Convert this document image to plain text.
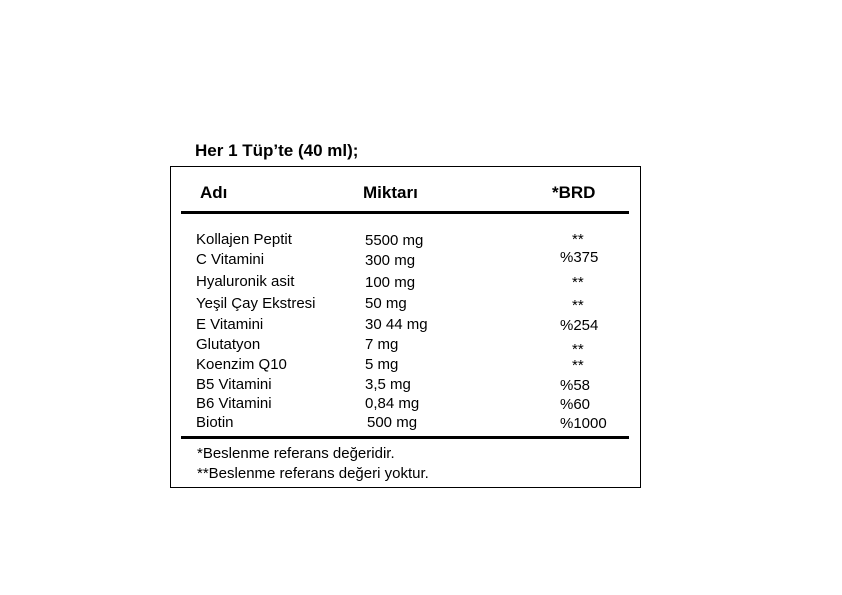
Her 1 Tüp’te (40 ml);
Adı	Miktarı	*BRD
Kollajen Peptit	5500 mg	**
C Vitamini	300 mg	%375
Hyaluronik asit	100 mg	**
Yeşil Çay Ekstresi	50 mg	**
E Vitamini	30 44 mg	%254
Glutatyon	7 mg	**
Koenzim Q10	5 mg	**
B5 Vitamini	3,5 mg	%58
B6 Vitamini	0,84 mg	%60
Biotin	500 mg	%1000
*Beslenme referans değeridir.
**Beslenme referans değeri yoktur.
